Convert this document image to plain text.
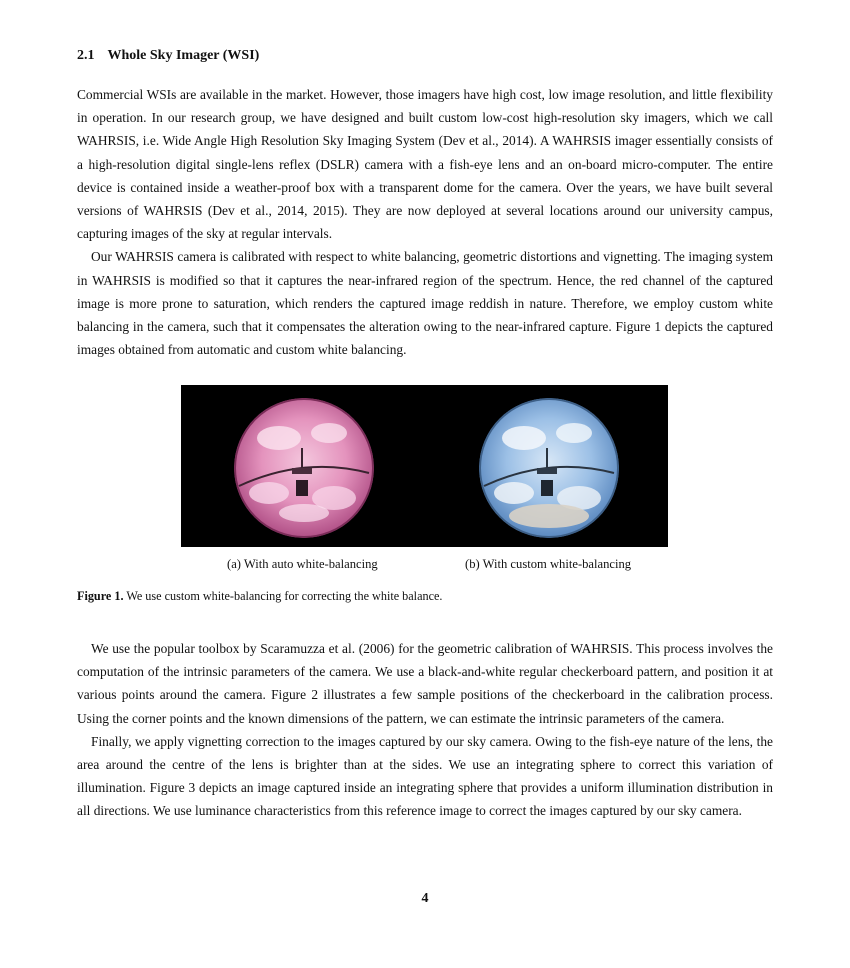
2.1 Whole Sky Imager (WSI)

Commercial WSIs are available in the market. However, those imagers have high cost, low image resolution, and little flexibility in operation. In our research group, we have designed and built custom low-cost high-resolution sky imagers, which we call WAHRSIS, i.e. Wide Angle High Resolution Sky Imaging System (Dev et al., 2014). A WAHRSIS imager essentially consists of a high-resolution digital single-lens reflex (DSLR) camera with a fish-eye lens and an on-board micro-computer. The entire device is contained inside a weather-proof box with a transparent dome for the camera. Over the years, we have built several versions of WAHRSIS (Dev et al., 2014, 2015). They are now deployed at several locations around our university campus, capturing images of the sky at regular intervals.

Our WAHRSIS camera is calibrated with respect to white balancing, geometric distortions and vignetting. The imaging system in WAHRSIS is modified so that it captures the near-infrared region of the spectrum. Hence, the red channel of the captured image is more prone to saturation, which renders the captured image reddish in nature. Therefore, we employ custom white balancing in the camera, such that it compensates the alteration owing to the near-infrared capture. Figure 1 depicts the captured images obtained from automatic and custom white balancing.

(a) With auto white-balancing	(b) With custom white-balancing
Figure 1. We use custom white-balancing for correcting the white balance.

We use the popular toolbox by Scaramuzza et al. (2006) for the geometric calibration of WAHRSIS. This process involves the computation of the intrinsic parameters of the camera. We use a black-and-white regular checkerboard pattern, and position it at various points around the camera. Figure 2 illustrates a few sample positions of the checkerboard in the calibration process. Using the corner points and the known dimensions of the pattern, we can estimate the intrinsic parameters of the camera.

Finally, we apply vignetting correction to the images captured by our sky camera. Owing to the fish-eye nature of the lens, the area around the centre of the lens is brighter than at the sides. We use an integrating sphere to correct this variation of illumination. Figure 3 depicts an image captured inside an integrating sphere that provides a uniform illumination distribution in all directions. We use luminance characteristics from this reference image to correct the images captured by our sky camera.

4
